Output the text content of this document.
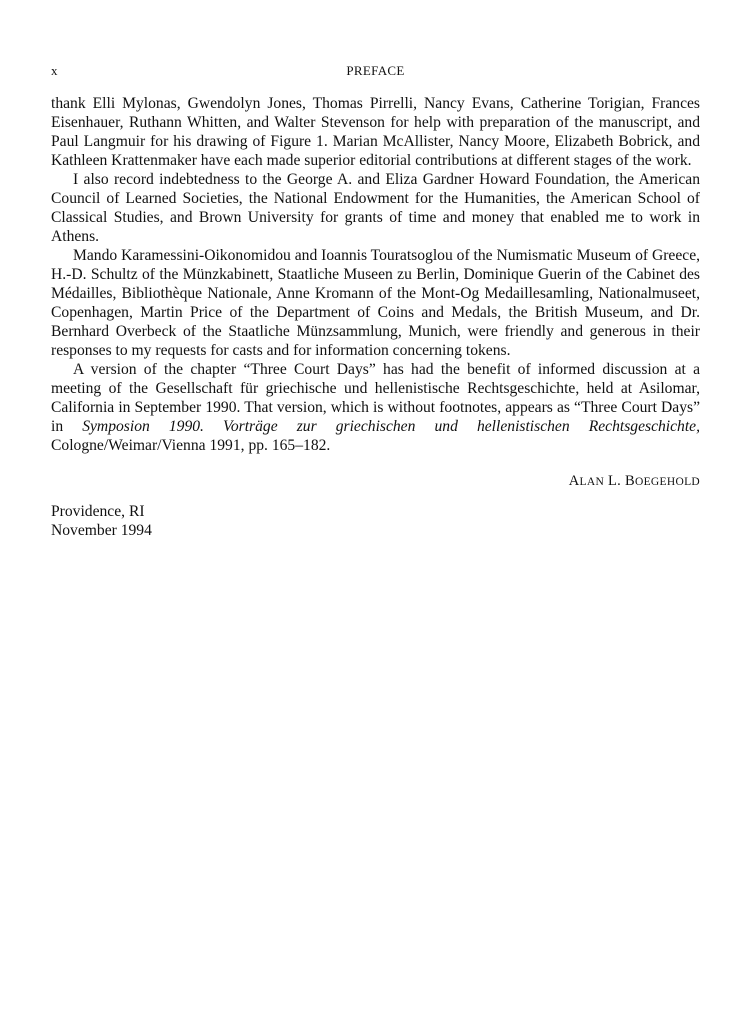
x	PREFACE

thank Elli Mylonas, Gwendolyn Jones, Thomas Pirrelli, Nancy Evans, Catherine Torigian, Frances Eisenhauer, Ruthann Whitten, and Walter Stevenson for help with preparation of the manuscript, and Paul Langmuir for his drawing of Figure 1. Marian McAllister, Nancy Moore, Elizabeth Bobrick, and Kathleen Krattenmaker have each made superior editorial contributions at different stages of the work.

I also record indebtedness to the George A. and Eliza Gardner Howard Foundation, the American Council of Learned Societies, the National Endowment for the Humanities, the American School of Classical Studies, and Brown University for grants of time and money that enabled me to work in Athens.

Mando Karamessini-Oikonomidou and Ioannis Touratsoglou of the Numismatic Museum of Greece, H.-D. Schultz of the Münzkabinett, Staatliche Museen zu Berlin, Dominique Guerin of the Cabinet des Médailles, Bibliothèque Nationale, Anne Kromann of the Mont-Og Medaillesamling, Nationalmuseet, Copenhagen, Martin Price of the Department of Coins and Medals, the British Museum, and Dr. Bernhard Overbeck of the Staatliche Münzsammlung, Munich, were friendly and generous in their responses to my requests for casts and for information concerning tokens.

A version of the chapter “Three Court Days” has had the benefit of informed discussion at a meeting of the Gesellschaft für griechische und hellenistische Rechtsgeschichte, held at Asilomar, California in September 1990. That version, which is without footnotes, appears as “Three Court Days” in Symposion 1990. Vorträge zur griechischen und hellenistischen Rechtsgeschichte, Cologne/Weimar/Vienna 1991, pp. 165–182.

ALAN L. BOEGEHOLD
Providence, RI
November 1994
